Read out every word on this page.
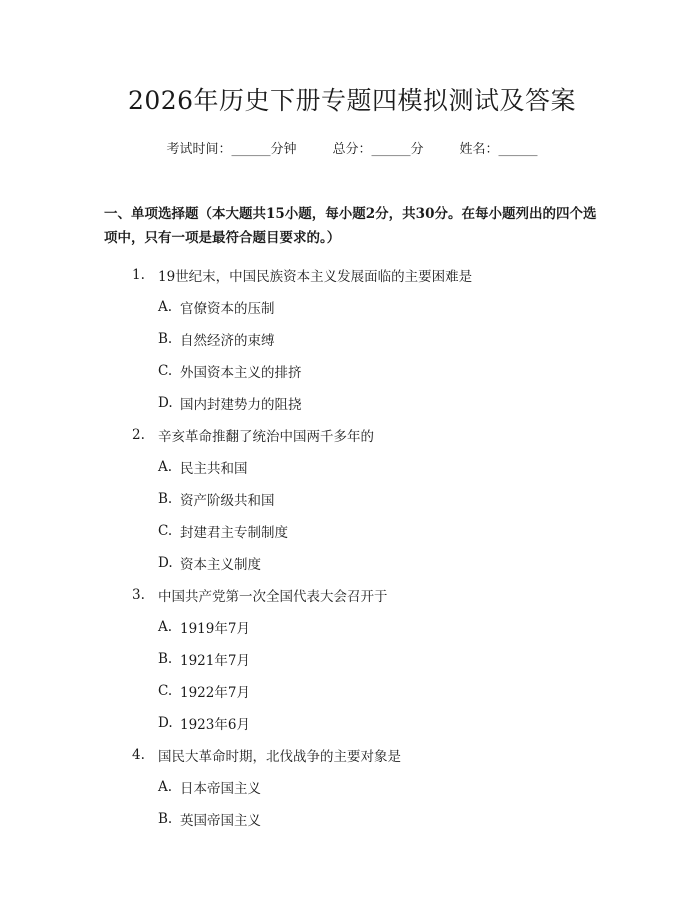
2026年历史下册专题四模拟测试及答案
考试时间：______分钟	总分：______分	姓名：______

一、单项选择题（本大题共15小题，每小题2分，共30分。在每小题列出的四个选项中，只有一项是最符合题目要求的。）

1. 19世纪末，中国民族资本主义发展面临的主要困难是
A. 官僚资本的压制
B. 自然经济的束缚
C. 外国资本主义的排挤
D. 国内封建势力的阻挠
2. 辛亥革命推翻了统治中国两千多年的
A. 民主共和国
B. 资产阶级共和国
C. 封建君主专制制度
D. 资本主义制度
3. 中国共产党第一次全国代表大会召开于
A. 1919年7月
B. 1921年7月
C. 1922年7月
D. 1923年6月
4. 国民大革命时期，北伐战争的主要对象是
A. 日本帝国主义
B. 英国帝国主义
